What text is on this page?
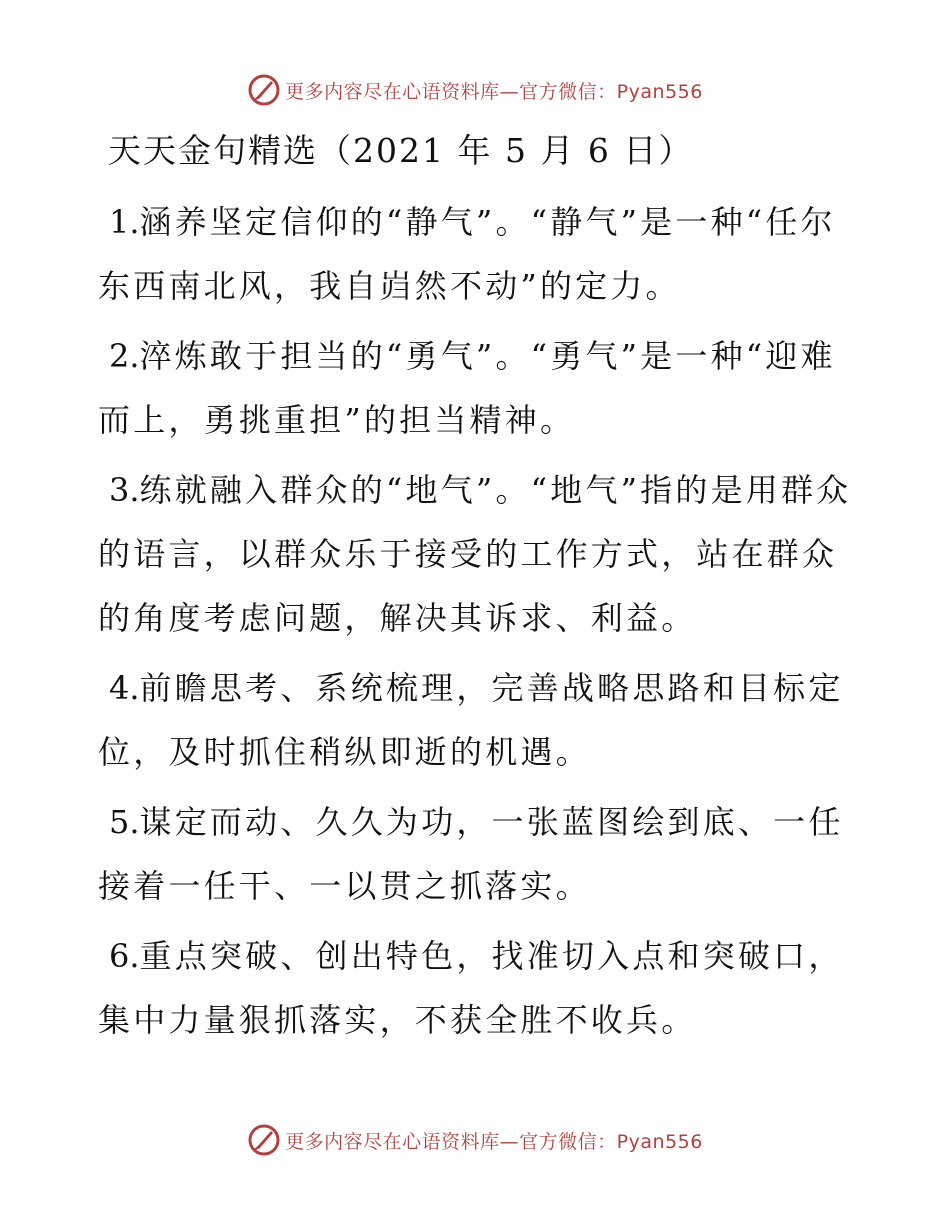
更多内容尽在心语资料库—官方微信：Pyan556
天天金句精选（2021 年 5 月 6 日）
1.涵养坚定信仰的“静气”。“静气”是一种“任尔东西南北风，我自岿然不动”的定力。
2.淬炼敢于担当的“勇气”。“勇气”是一种“迎难而上，勇挑重担”的担当精神。
3.练就融入群众的“地气”。“地气”指的是用群众的语言，以群众乐于接受的工作方式，站在群众的角度考虑问题，解决其诉求、利益。
4.前瞻思考、系统梳理，完善战略思路和目标定位，及时抓住稍纵即逝的机遇。
5.谋定而动、久久为功，一张蓝图绘到底、一任接着一任干、一以贯之抓落实。
6.重点突破、创出特色，找准切入点和突破口，集中力量狠抓落实，不获全胜不收兵。
更多内容尽在心语资料库—官方微信：Pyan556
